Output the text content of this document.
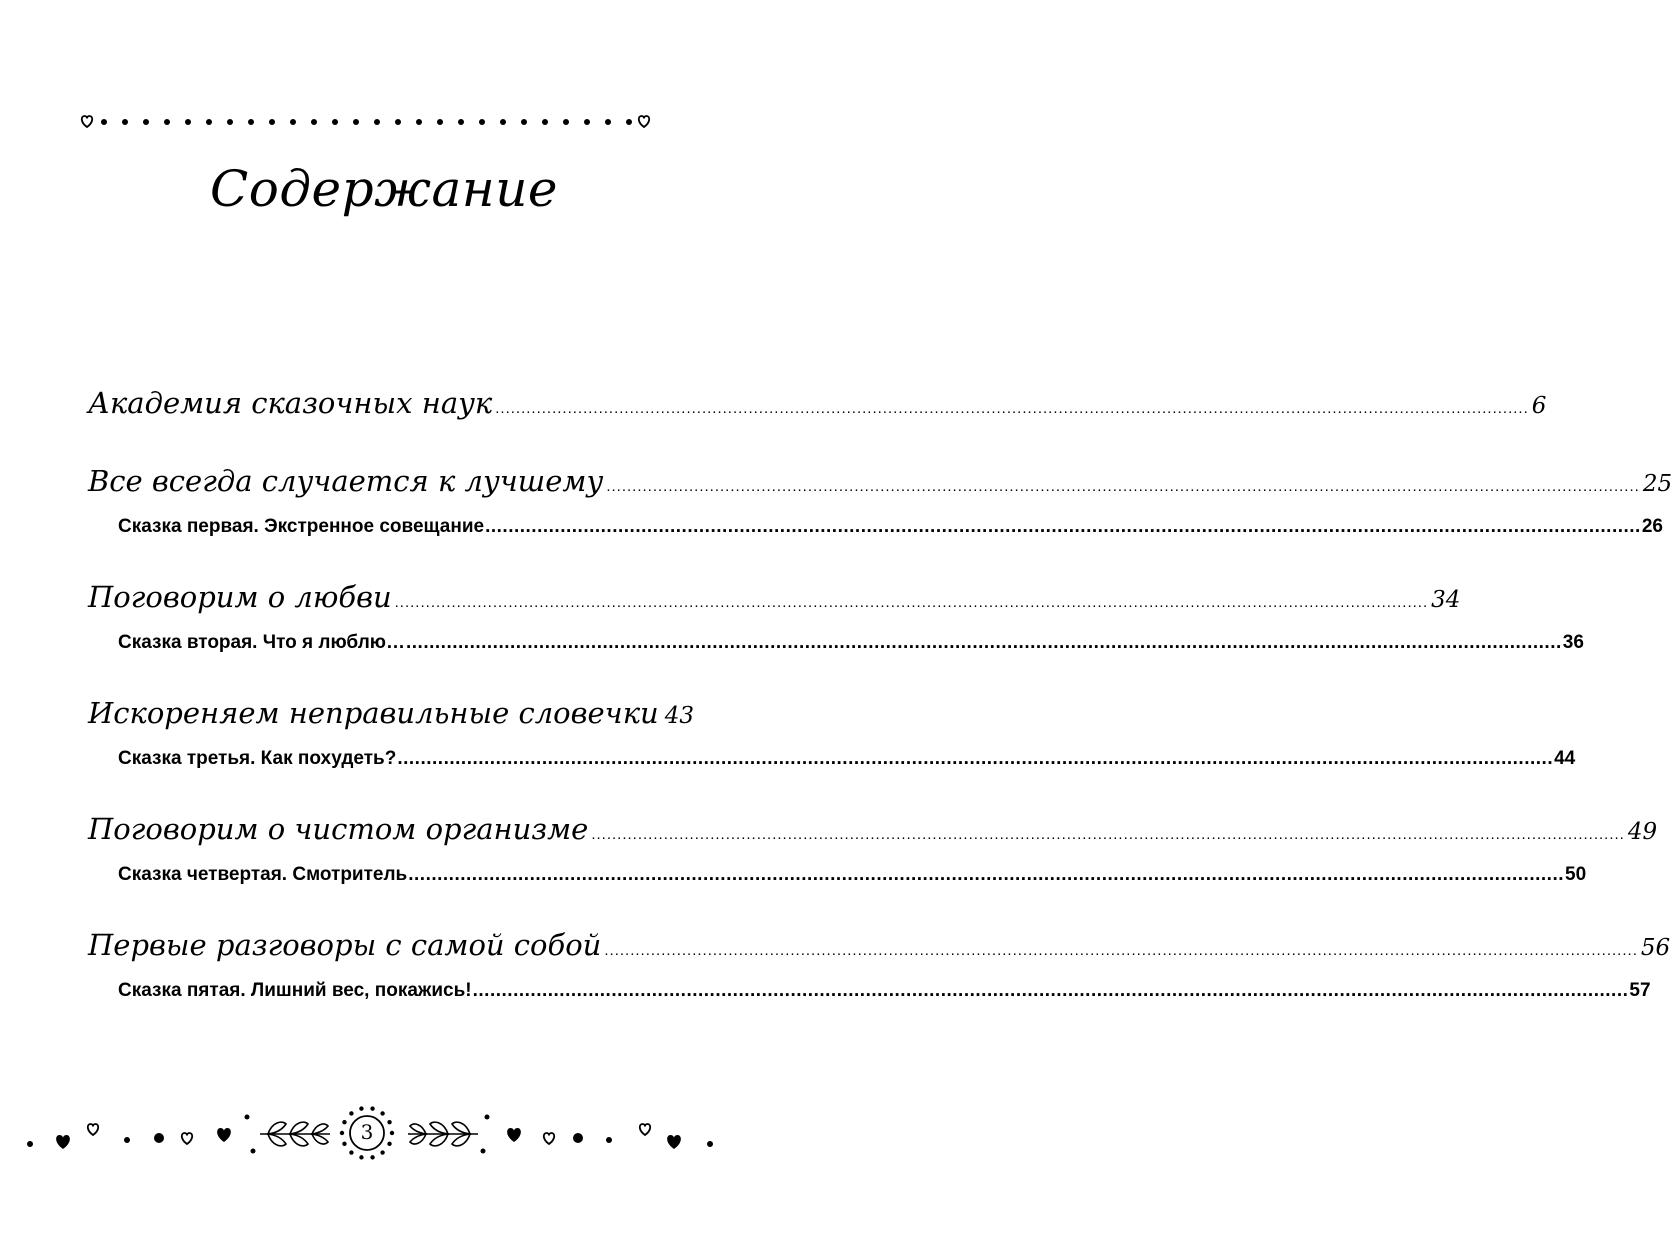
Содержание
Академия сказочных наук ........................................................................................................................................................................................................ 6
Все всегда случается к лучшему ........................................................................................................................................................................................................ 25
Сказка первая. Экстренное совещание ........................................................................................................................................................................................................ 26
Поговорим о любви ........................................................................................................................................................................................................ 34
Сказка вторая. Что я люблю… ........................................................................................................................................................................................................ 36
Искореняем неправильные словечки 43
Сказка третья. Как похудеть? ........................................................................................................................................................................................................ 44
Поговорим о чистом организме ........................................................................................................................................................................................................ 49
Сказка четвертая. Смотритель ........................................................................................................................................................................................................ 50
Первые разговоры с самой собой ........................................................................................................................................................................................................ 56
Сказка пятая. Лишний вес, покажись! ........................................................................................................................................................................................................ 57
3
